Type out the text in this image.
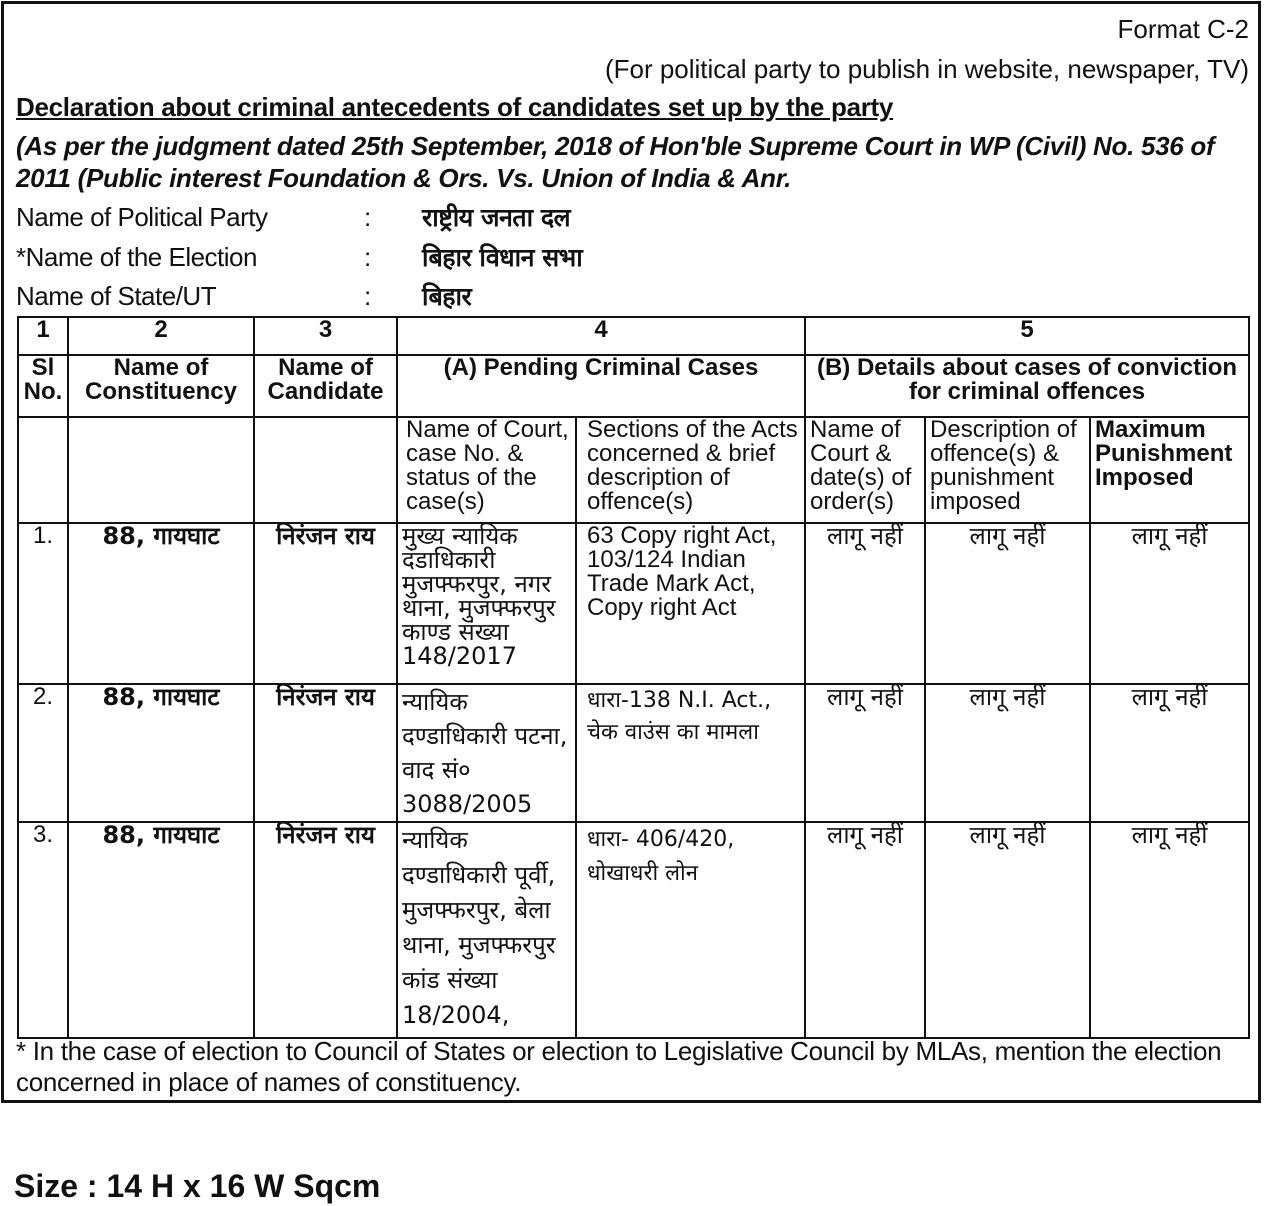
Format C-2
(For political party to publish in website, newspaper, TV)
Declaration about criminal antecedents of candidates set up by the party
(As per the judgment dated 25th September, 2018 of Hon'ble Supreme Court in WP (Civil) No. 536 of 2011 (Public interest Foundation & Ors. Vs. Union of India & Anr.
Name of Political Party	: राष्ट्रीय जनता दल
*Name of the Election	: बिहार विधान सभा
Name of State/UT	: बिहार
1	2	3	4		5		
Sl No.	Name of Constituency	Name of Candidate	(A) Pending Criminal Cases		(B) Details about cases of conviction for criminal offences		
			Name of Court, case No. & status of the case(s)	Sections of the Acts concerned & brief description of offence(s)	Name of Court & date(s) of order(s)	Description of offence(s) & punishment imposed	Maximum Punishment Imposed
1.	88, गायघाट	निरंजन राय	मुख्य न्यायिक दंडाधिकारी मुजफ्फरपुर, नगर थाना, मुजफ्फरपुर काण्ड संख्या 148/2017	63 Copy right Act, 103/124 Indian Trade Mark Act, Copy right Act	लागू नहीं	लागू नहीं	लागू नहीं
2.	88, गायघाट	निरंजन राय	न्यायिक दण्डाधिकारी पटना, वाद सं० 3088/2005	धारा-138 N.I. Act., चेक वाउंस का मामला	लागू नहीं	लागू नहीं	लागू नहीं
3.	88, गायघाट	निरंजन राय	न्यायिक दण्डाधिकारी पूर्वी, मुजफ्फरपुर, बेला थाना, मुजफ्फरपुर कांड संख्या 18/2004,	धारा- 406/420, धोखाधरी लोन	लागू नहीं	लागू नहीं	लागू नहीं
* In the case of election to Council of States or election to Legislative Council by MLAs, mention the election concerned in place of names of constituency.
Size : 14 H x 16 W Sqcm
